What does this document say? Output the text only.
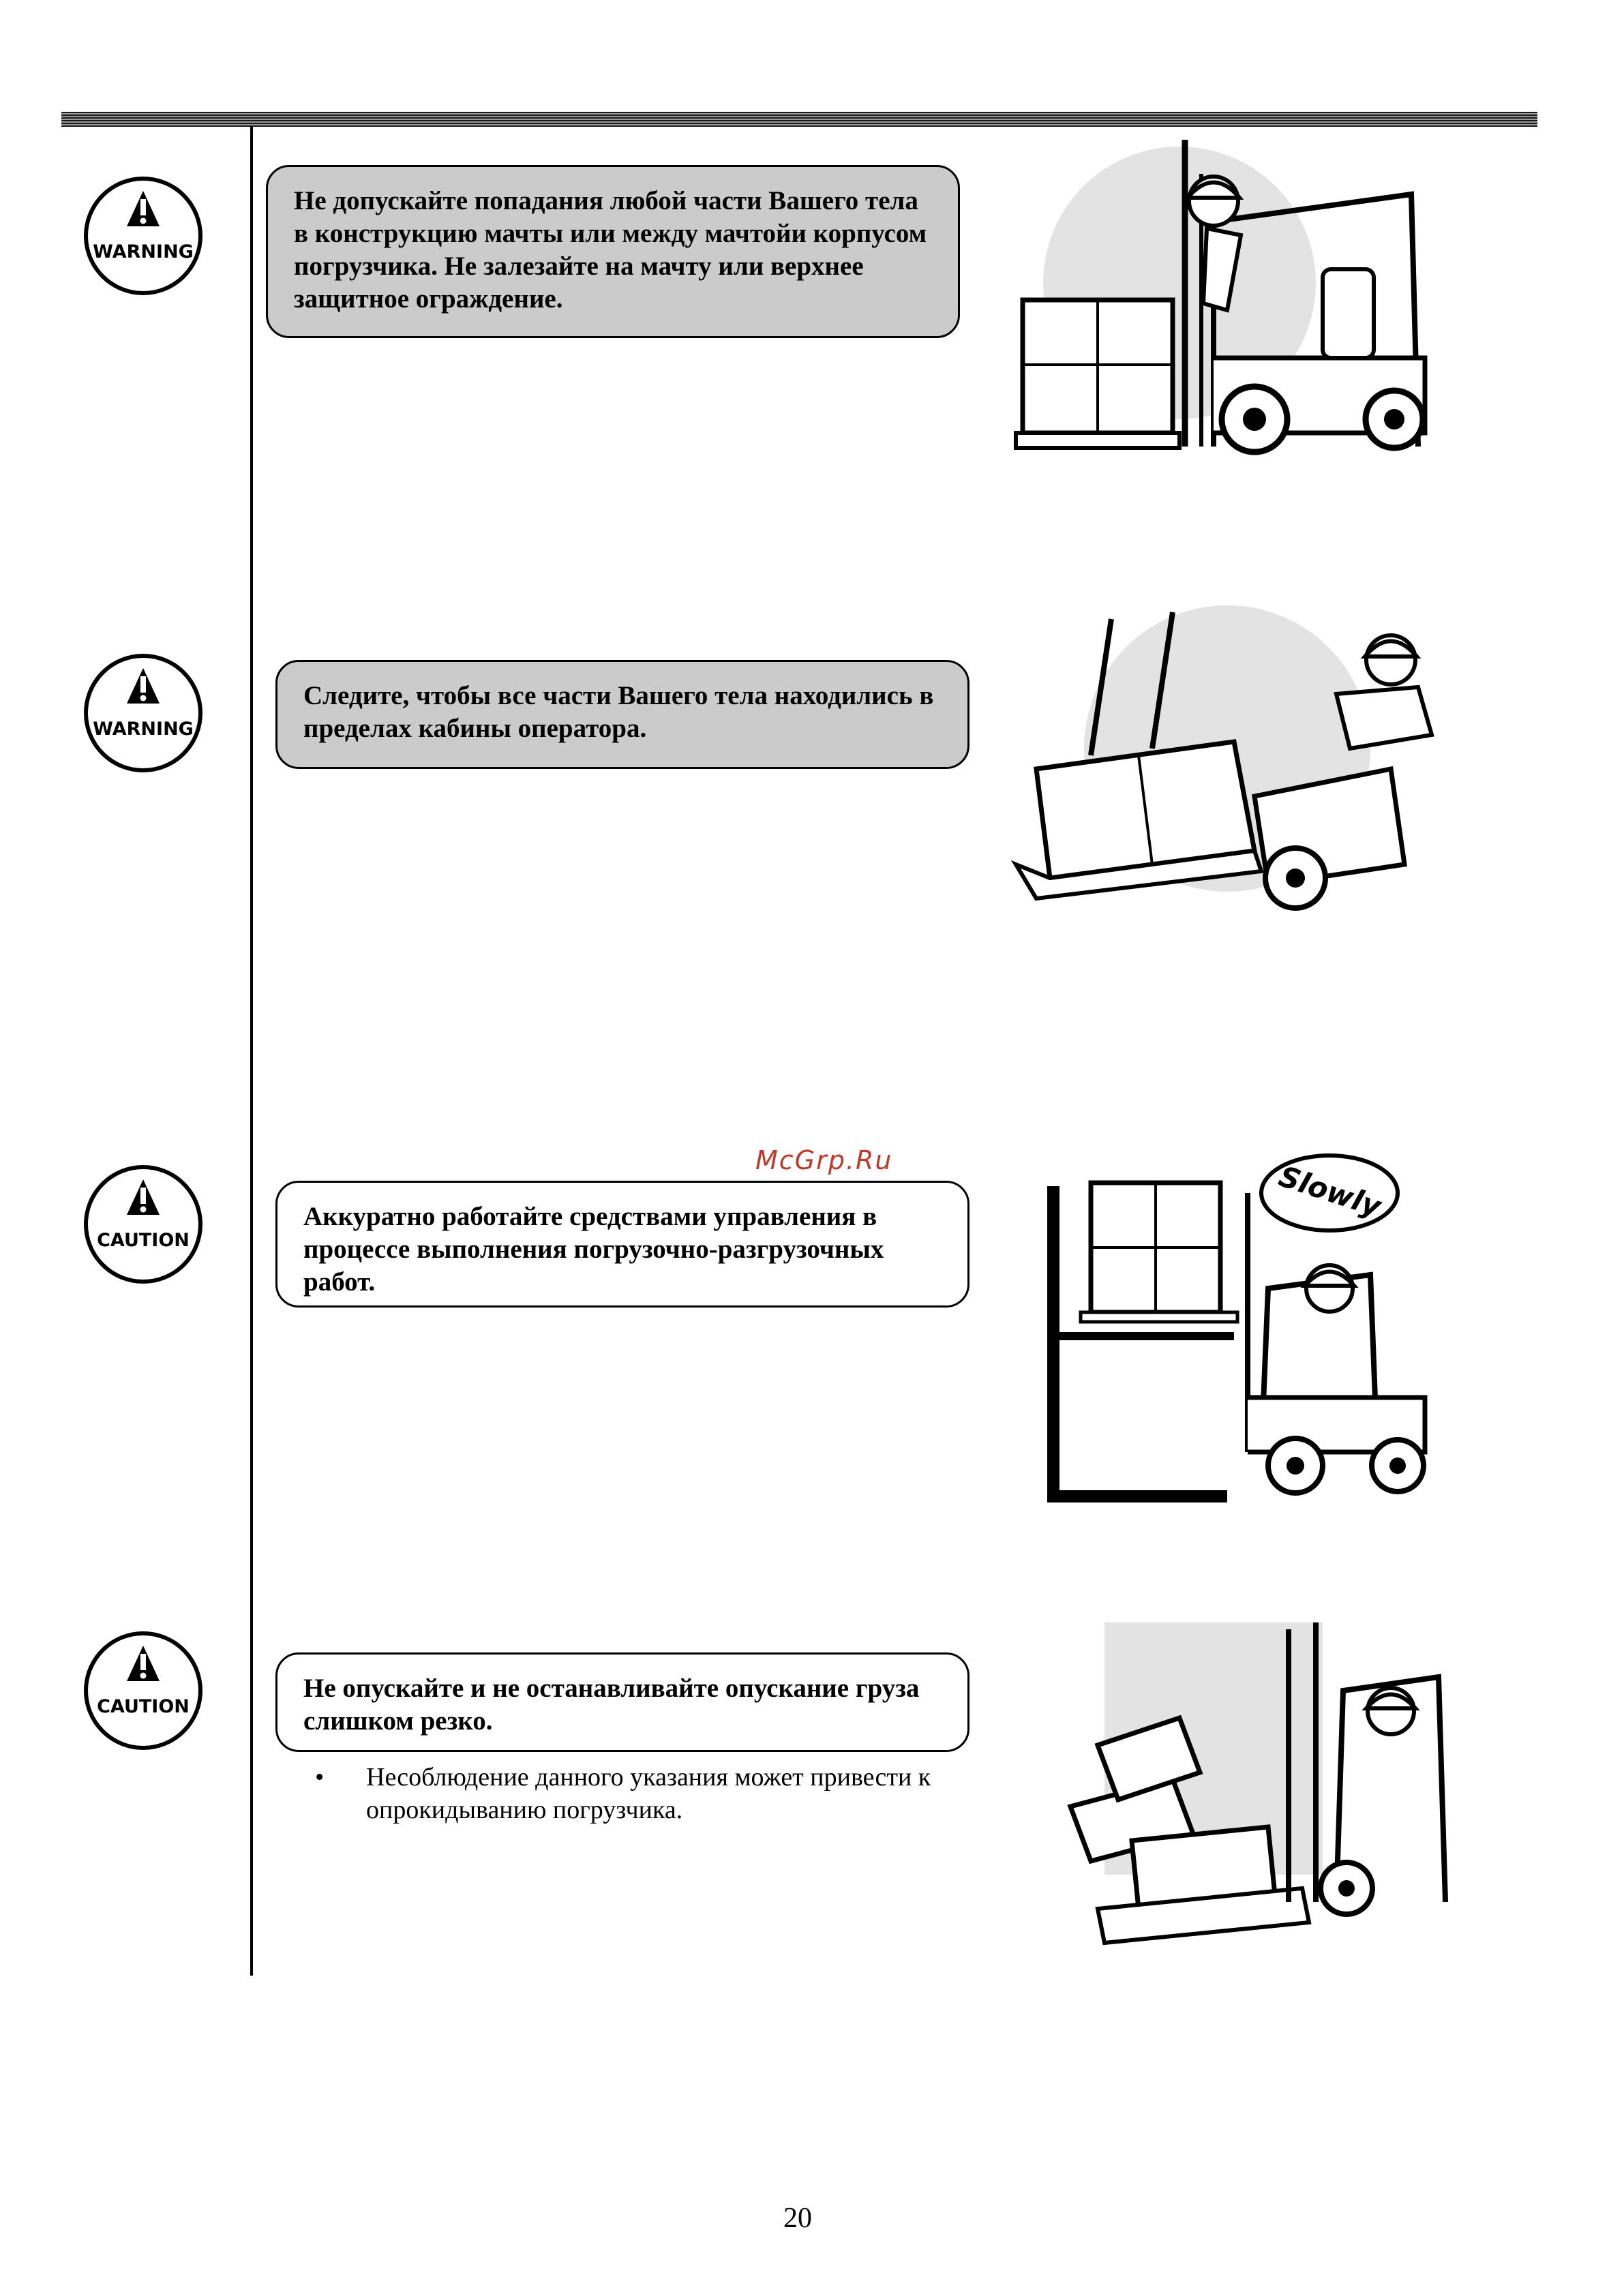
WARNING
Не допускайте попадания любой части Вашего тела в конструкцию мачты или между мачтойи корпусом погрузчика. Не залезайте на мачту или верхнее защитное ограждение.
WARNING
Следите, чтобы все части Вашего тела находились в пределах кабины оператора.
McGrp.Ru
CAUTION
Аккуратно работайте средствами управления в процессе выполнения погрузочно-разгрузочных работ.
Slowly
CAUTION
Не опускайте и не останавливайте опускание груза слишком резко.
• Несоблюдение данного указания может привести к опрокидыванию погрузчика.
20
